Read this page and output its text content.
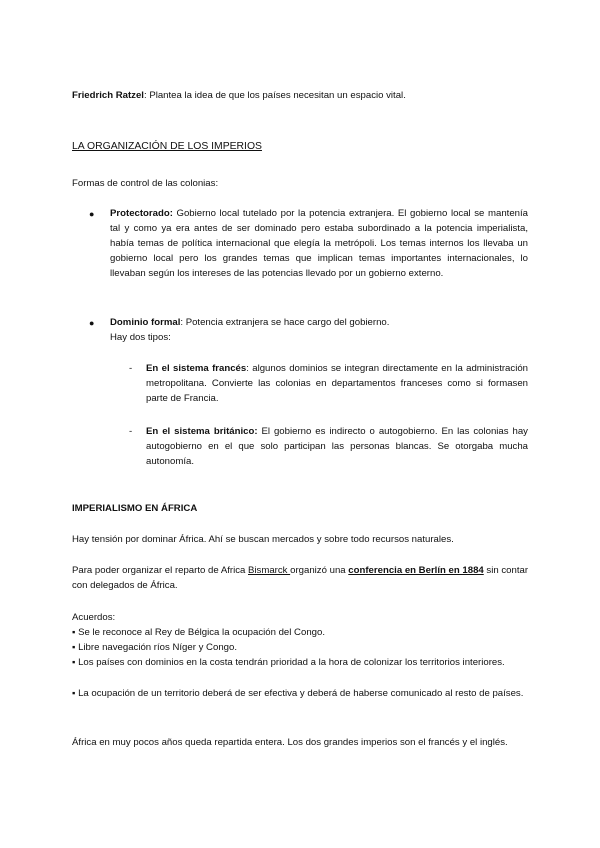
Friedrich Ratzel: Plantea la idea de que los países necesitan un espacio vital.

LA ORGANIZACIÓN DE LOS IMPERIOS

Formas de control de las colonias:

● Protectorado: Gobierno local tutelado por la potencia extranjera. El gobierno local se mantenía tal y como ya era antes de ser dominado pero estaba subordinado a la potencia imperialista, había temas de política internacional que elegía la metrópoli. Los temas internos los llevaba un gobierno local pero los grandes temas que implican temas importantes internacionales, lo llevaban según los intereses de las potencias llevado por un gobierno externo.

● Dominio formal: Potencia extranjera se hace cargo del gobierno.

Hay dos tipos:

- En el sistema francés: algunos dominios se integran directamente en la administración metropolitana. Convierte las colonias en departamentos franceses como si formasen parte de Francia.

- En el sistema británico: El gobierno es indirecto o autogobierno. En las colonias hay autogobierno en el que solo participan las personas blancas. Se otorgaba mucha autonomía.

IMPERIALISMO EN ÁFRICA

Hay tensión por dominar África. Ahí se buscan mercados y sobre todo recursos naturales.

Para poder organizar el reparto de Africa Bismarck organizó una conferencia en Berlín en 1884 sin contar con delegados de África.

Acuerdos:

▪ Se le reconoce al Rey de Bélgica la ocupación del Congo.

▪ Libre navegación ríos Níger y Congo.

▪ Los países con dominios en la costa tendrán prioridad a la hora de colonizar los territorios interiores.

▪ La ocupación de un territorio deberá de ser efectiva y deberá de haberse comunicado al resto de países.

África en muy pocos años queda repartida entera. Los dos grandes imperios son el francés y el inglés.
